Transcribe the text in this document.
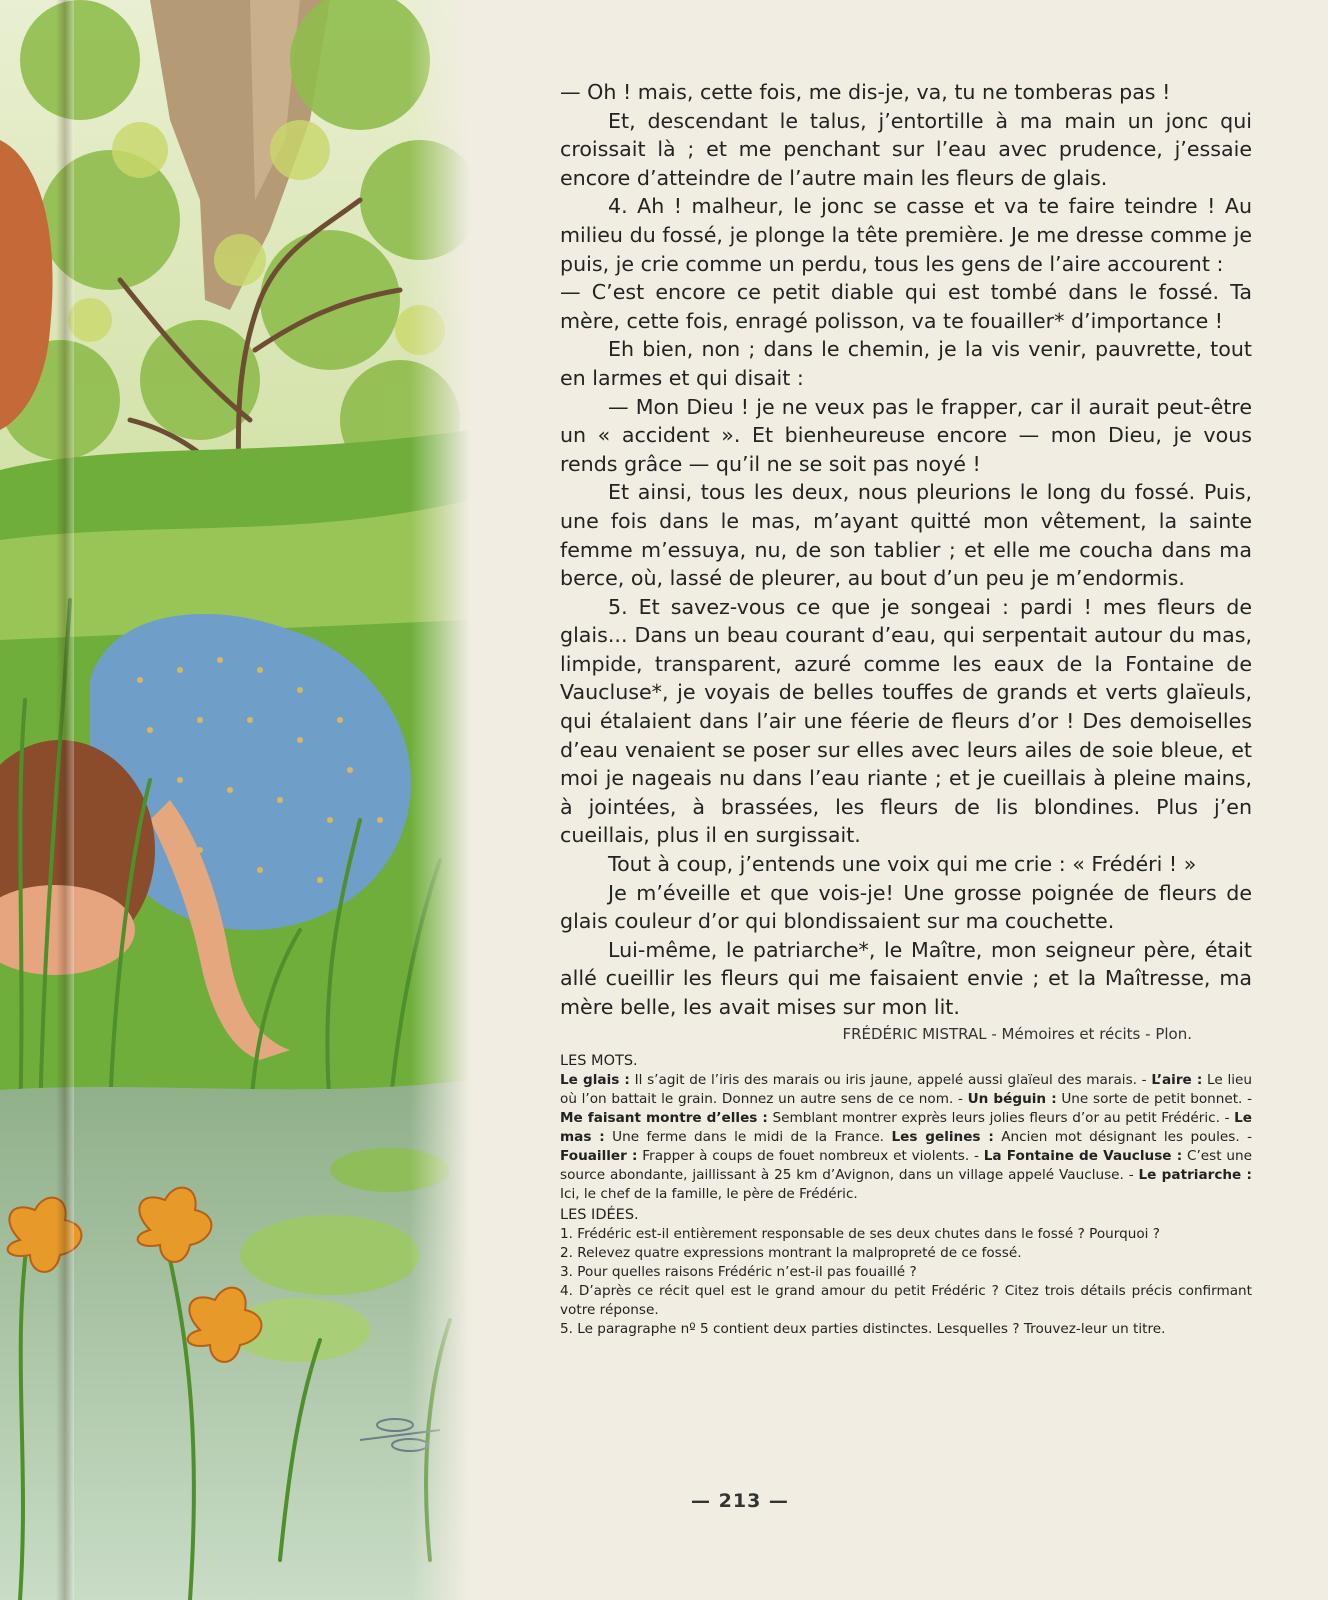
— Oh ! mais, cette fois, me dis-je, va, tu ne tomberas pas !

Et, descendant le talus, j’entortille à ma main un jonc qui croissait là ; et me penchant sur l’eau avec prudence, j’essaie encore d’atteindre de l’autre main les fleurs de glais.

4. Ah ! malheur, le jonc se casse et va te faire teindre ! Au milieu du fossé, je plonge la tête première. Je me dresse comme je puis, je crie comme un perdu, tous les gens de l’aire accourent :

— C’est encore ce petit diable qui est tombé dans le fossé. Ta mère, cette fois, enragé polisson, va te fouailler* d’importance !

Eh bien, non ; dans le chemin, je la vis venir, pauvrette, tout en larmes et qui disait :

— Mon Dieu ! je ne veux pas le frapper, car il aurait peut-être un « accident ». Et bienheureuse encore — mon Dieu, je vous rends grâce — qu’il ne se soit pas noyé !

Et ainsi, tous les deux, nous pleurions le long du fossé. Puis, une fois dans le mas, m’ayant quitté mon vêtement, la sainte femme m’essuya, nu, de son tablier ; et elle me coucha dans ma berce, où, lassé de pleurer, au bout d’un peu je m’endormis.

5. Et savez-vous ce que je songeai : pardi ! mes fleurs de glais... Dans un beau courant d’eau, qui serpentait autour du mas, limpide, transparent, azuré comme les eaux de la Fontaine de Vaucluse*, je voyais de belles touffes de grands et verts glaïeuls, qui étalaient dans l’air une féerie de fleurs d’or ! Des demoiselles d’eau venaient se poser sur elles avec leurs ailes de soie bleue, et moi je nageais nu dans l’eau riante ; et je cueillais à pleine mains, à jointées, à brassées, les fleurs de lis blondines. Plus j’en cueillais, plus il en surgissait.

Tout à coup, j’entends une voix qui me crie : « Frédéri ! »

Je m’éveille et que vois-je! Une grosse poignée de fleurs de glais couleur d’or qui blondissaient sur ma couchette.

Lui-même, le patriarche*, le Maître, mon seigneur père, était allé cueillir les fleurs qui me faisaient envie ; et la Maîtresse, ma mère belle, les avait mises sur mon lit.

FRÉDÉRIC MISTRAL - Mémoires et récits - Plon.
LES MOTS.

Le glais : Il s’agit de l’iris des marais ou iris jaune, appelé aussi glaïeul des marais. - L’aire : Le lieu où l’on battait le grain. Donnez un autre sens de ce nom. - Un béguin : Une sorte de petit bonnet. - Me faisant montre d’elles : Semblant montrer exprès leurs jolies fleurs d’or au petit Frédéric. - Le mas : Une ferme dans le midi de la France. Les gelines : Ancien mot désignant les poules. - Fouailler : Frapper à coups de fouet nombreux et violents. - La Fontaine de Vaucluse : C’est une source abondante, jaillissant à 25 km d’Avignon, dans un village appelé Vaucluse. - Le patriarche : Ici, le chef de la famille, le père de Frédéric.

LES IDÉES.
1. Frédéric est-il entièrement responsable de ses deux chutes dans le fossé ? Pourquoi ?
2. Relevez quatre expressions montrant la malpropreté de ce fossé.
3. Pour quelles raisons Frédéric n’est-il pas fouaillé ?
4. D’après ce récit quel est le grand amour du petit Frédéric ? Citez trois détails précis confirmant votre réponse.
5. Le paragraphe nº 5 contient deux parties distinctes. Lesquelles ? Trouvez-leur un titre.
— 213 —
